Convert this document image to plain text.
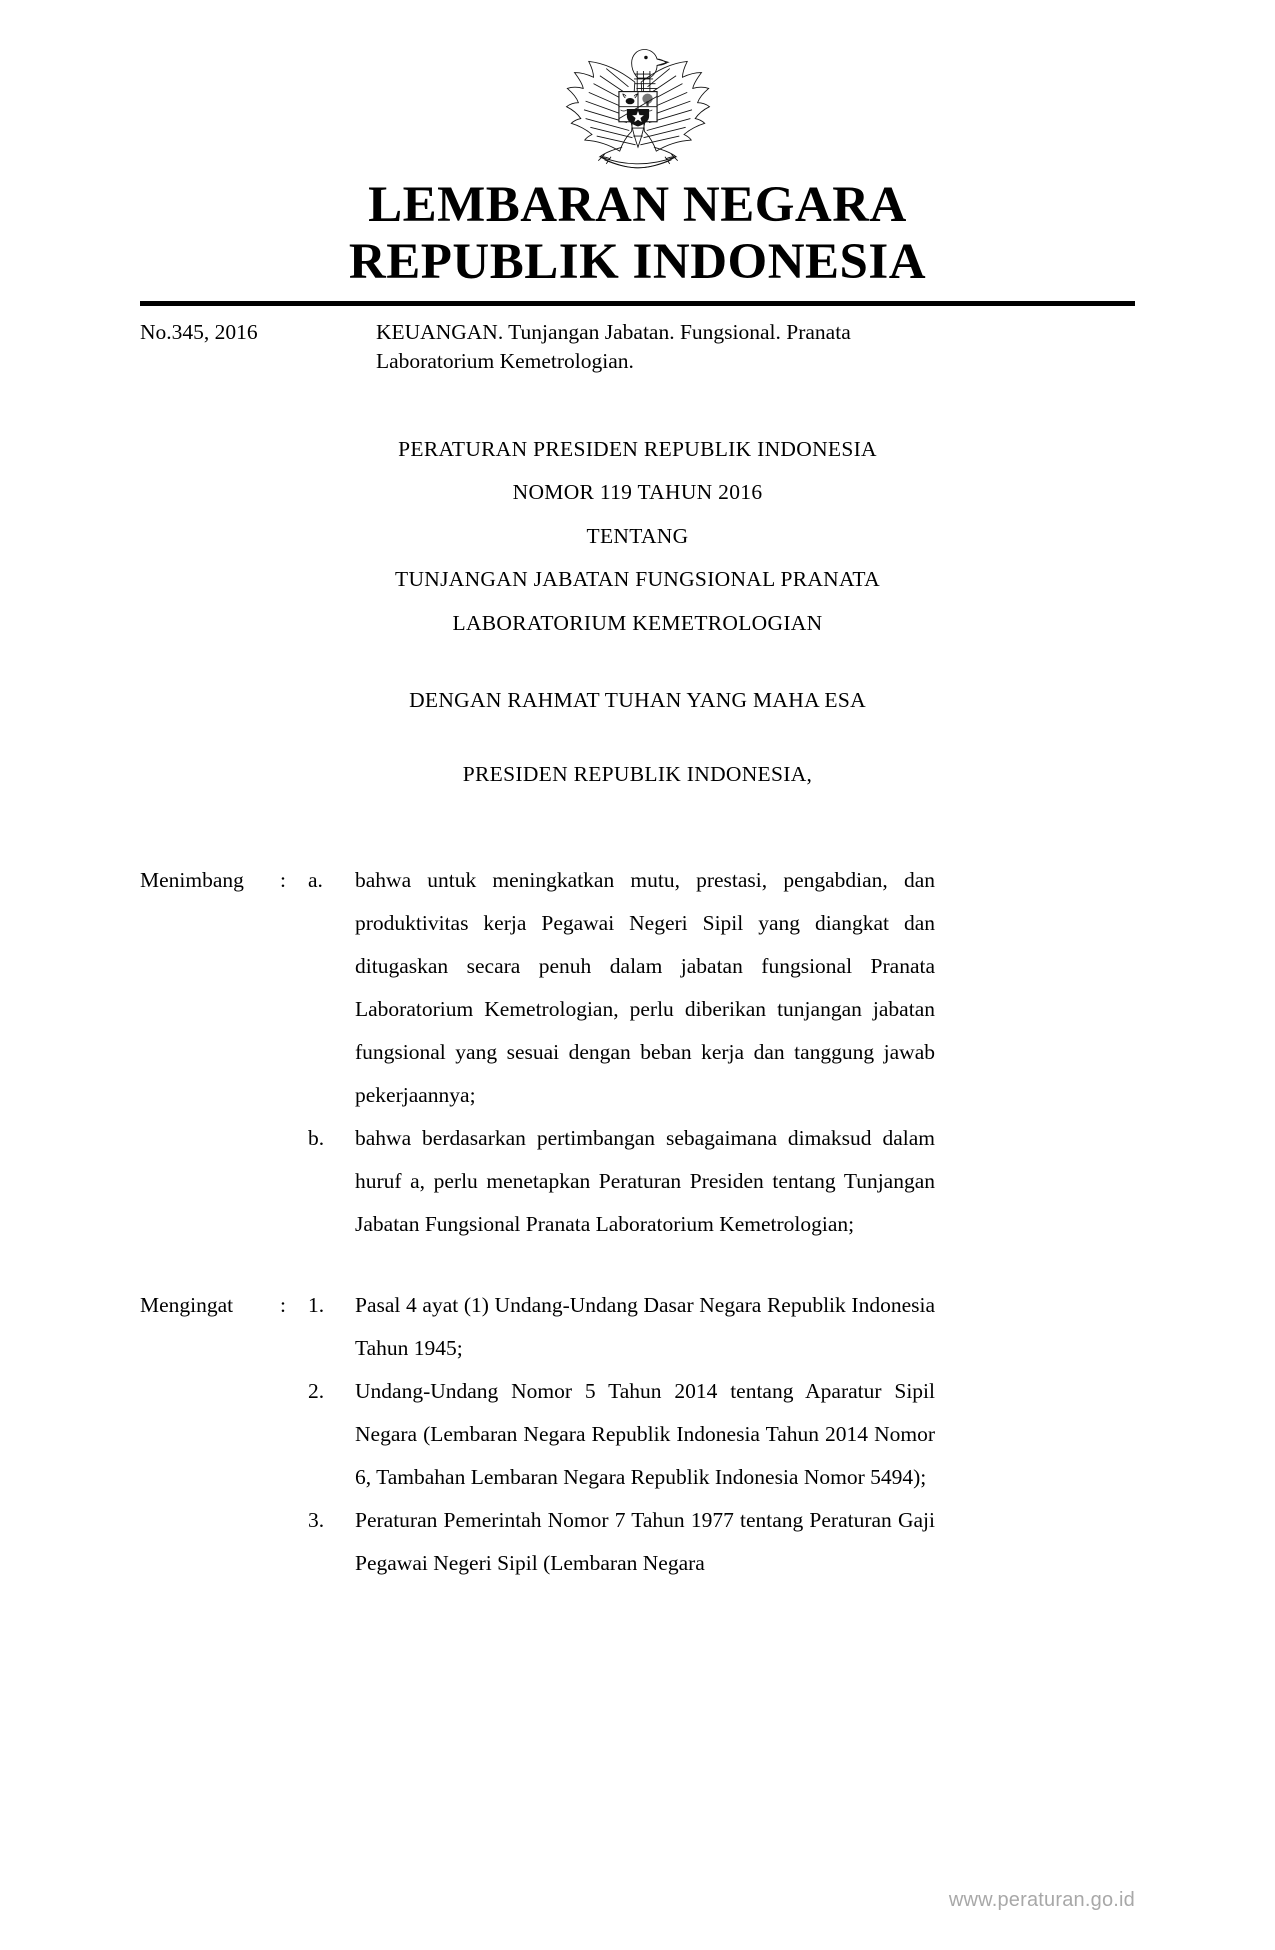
LEMBARAN NEGARA
REPUBLIK INDONESIA
No.345, 2016	KEUANGAN. Tunjangan Jabatan. Fungsional. Pranata Laboratorium Kemetrologian.
PERATURAN PRESIDEN REPUBLIK INDONESIA
NOMOR 119 TAHUN 2016
TENTANG
TUNJANGAN JABATAN FUNGSIONAL PRANATA
LABORATORIUM KEMETROLOGIAN
DENGAN RAHMAT TUHAN YANG MAHA ESA
PRESIDEN REPUBLIK INDONESIA,
Menimbang	:	a.	bahwa untuk meningkatkan mutu, prestasi, pengabdian, dan produktivitas kerja Pegawai Negeri Sipil yang diangkat dan ditugaskan secara penuh dalam jabatan fungsional Pranata Laboratorium Kemetrologian, perlu diberikan tunjangan jabatan fungsional yang sesuai dengan beban kerja dan tanggung jawab pekerjaannya;
b.	bahwa berdasarkan pertimbangan sebagaimana dimaksud dalam huruf a, perlu menetapkan Peraturan Presiden tentang Tunjangan Jabatan Fungsional Pranata Laboratorium Kemetrologian;
Mengingat	:	1.	Pasal 4 ayat (1) Undang-Undang Dasar Negara Republik Indonesia Tahun 1945;
2.	Undang-Undang Nomor 5 Tahun 2014 tentang Aparatur Sipil Negara (Lembaran Negara Republik Indonesia Tahun 2014 Nomor 6, Tambahan Lembaran Negara Republik Indonesia Nomor 5494);
3.	Peraturan Pemerintah Nomor 7 Tahun 1977 tentang Peraturan Gaji Pegawai Negeri Sipil (Lembaran Negara
www.peraturan.go.id
